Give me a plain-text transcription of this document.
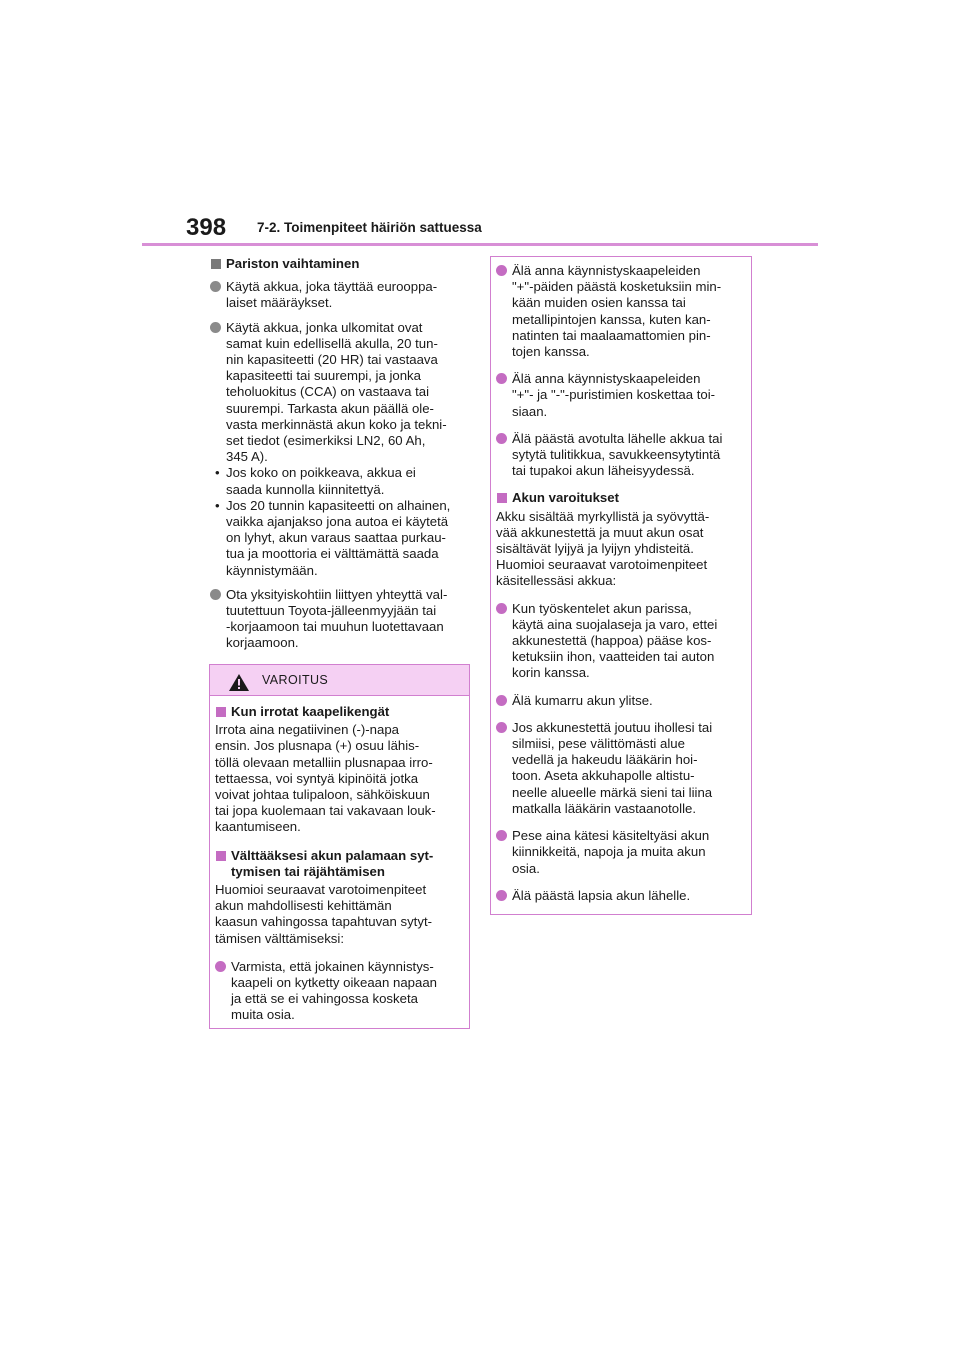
398 7-2. Toimenpiteet häiriön sattuessa
Pariston vaihtaminen
Käytä akkua, joka täyttää eurooppa-
laiset määräykset.
Käytä akkua, jonka ulkomitat ovat
samat kuin edellisellä akulla, 20 tun-
nin kapasiteetti (20 HR) tai vastaava
kapasiteetti tai suurempi, ja jonka
teholuokitus (CCA) on vastaava tai
suurempi. Tarkasta akun päällä ole-
vasta merkinnästä akun koko ja tekni-
set tiedot (esimerkiksi LN2, 60 Ah,
345 A).
• Jos koko on poikkeava, akkua ei
saada kunnolla kiinnitettyä.
• Jos 20 tunnin kapasiteetti on alhainen,
vaikka ajanjakso jona autoa ei käytetä
on lyhyt, akun varaus saattaa purkau-
tua ja moottoria ei välttämättä saada
käynnistymään.
Ota yksityiskohtiin liittyen yhteyttä val-
tuutettuun Toyota-jälleenmyyjään tai
-korjaamoon tai muuhun luotettavaan
korjaamoon.
VAROITUS
Kun irrotat kaapelikengät
Irrota aina negatiivinen (-)-napa
ensin. Jos plusnapa (+) osuu lähis-
töllä olevaan metalliin plusnapaa irro-
tettaessa, voi syntyä kipinöitä jotka
voivat johtaa tulipaloon, sähköiskuun
tai jopa kuolemaan tai vakavaan louk-
kaantumiseen.
Välttääksesi akun palamaan syt-
tymisen tai räjähtämisen
Huomioi seuraavat varotoimenpiteet
akun mahdollisesti kehittämän
kaasun vahingossa tapahtuvan sytyt-
tämisen välttämiseksi:
Varmista, että jokainen käynnistys-
kaapeli on kytketty oikeaan napaan
ja että se ei vahingossa kosketa
muita osia.
Älä anna käynnistyskaapeleiden
"+"-päiden päästä kosketuksiin min-
kään muiden osien kanssa tai
metallipintojen kanssa, kuten kan-
natinten tai maalaamattomien pin-
tojen kanssa.
Älä anna käynnistyskaapeleiden
"+"- ja "-"-puristimien koskettaa toi-
siaan.
Älä päästä avotulta lähelle akkua tai
sytytä tulitikkua, savukkeensytytintä
tai tupakoi akun läheisyydessä.
Akun varoitukset
Akku sisältää myrkyllistä ja syövyttä-
vää akkunestettä ja muut akun osat
sisältävät lyijyä ja lyijyn yhdisteitä.
Huomioi seuraavat varotoimenpiteet
käsitellessäsi akkua:
Kun työskentelet akun parissa,
käytä aina suojalaseja ja varo, ettei
akkunestettä (happoa) pääse kos-
ketuksiin ihon, vaatteiden tai auton
korin kanssa.
Älä kumarru akun ylitse.
Jos akkunestettä joutuu ihollesi tai
silmiisi, pese välittömästi alue
vedellä ja hakeudu lääkärin hoi-
toon. Aseta akkuhapolle altistu-
neelle alueelle märkä sieni tai liina
matkalla lääkärin vastaanotolle.
Pese aina kätesi käsiteltyäsi akun
kiinnikkeitä, napoja ja muita akun
osia.
Älä päästä lapsia akun lähelle.
